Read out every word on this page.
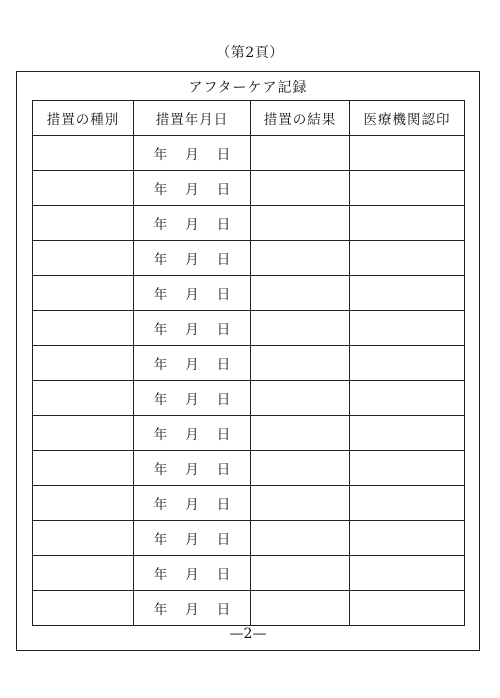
（第2頁）
アフターケア記録
措置の種別	措置年月日	措置の結果	医療機関認印
	年 月 日		
	年 月 日		
	年 月 日		
	年 月 日		
	年 月 日		
	年 月 日		
	年 月 日		
	年 月 日		
	年 月 日		
	年 月 日		
	年 月 日		
	年 月 日		
	年 月 日		
	年 月 日		
—2—
